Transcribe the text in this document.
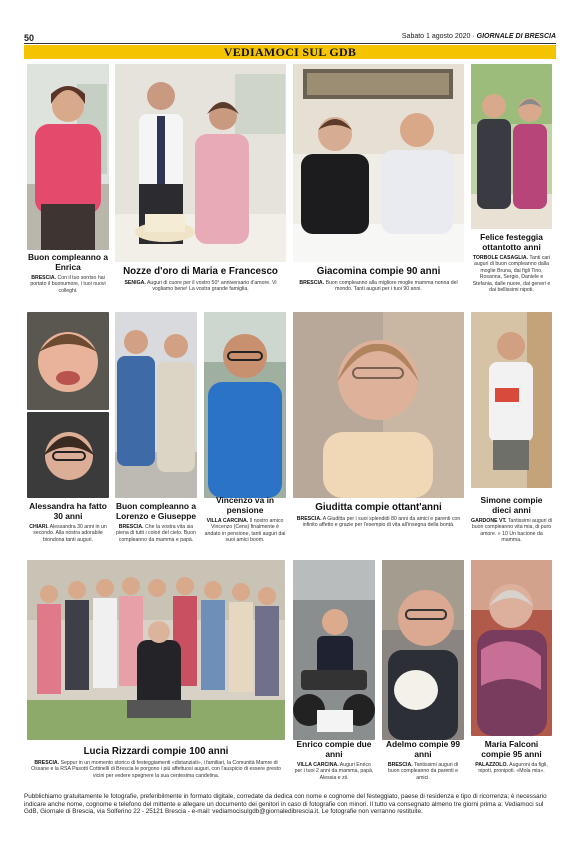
50	Sabato 1 agosto 2020 · GIORNALE DI BRESCIA
VEDIAMOCI SUL GDB
Buon compleanno a Enrica
BRESCIA. Con il tuo sorriso hai portato il buonumore, i tuoi nuovi colleghi.
Nozze d'oro di Maria e Francesco
SENIGA. Auguri di cuore per il vostro 50° anniversario d'amore. Vi vogliamo bene! La vostra grande famiglia.
Giacomina compie 90 anni
BRESCIA. Buon compleanno alla migliore moglie mamma nonna del mondo. Tanti auguri per i tuoi 90 anni.
Felice festeggia ottantotto anni
TORBOLE CASAGLIA. Tanti cari auguri di buon compleanno dalla moglie Bruna, dai figli Tino, Rosanna, Sergio, Daniele e Stefania, dalle nuore, dai generi e dai bellissimi nipoti.
Alessandra ha fatto 30 anni
CHIARI. Alessandra 30 anni in un secondo. Alla nostra adorabile biondona tanti auguri.
Buon compleanno a Lorenzo e Giuseppe
BRESCIA. Che la vostra vita sia piena di tutti i colori del cielo. Buon compleanno da mamma e papà.
Vincenzo va in pensione
VILLA CARCINA. Il nostro amico Vincenzo (Cens) finalmente è andato in pensione, tanti auguri dai suoi amici boom.
Giuditta compie ottant'anni
BRESCIA. A Giuditta per i suoi splendidi 80 anni da amici e parenti con infinito affetto e grazie per l'esempio di vita all'insegna della bontà.
Simone compie dieci anni
GARDONE VT. Tantissimi auguri di buon compleanno vita mia, di puro amore. » 10 Un bacione da mamma.
Lucia Rizzardi compie 100 anni
BRESCIA. Seppur in un momento storico di festeggiamenti «distanziati», i familiari, la Comunità Mamre di Ossane e la RSA Pasotti Cottinelli di Brescia le porgono i più affettuosi auguri, con l'auspicio di essere presto vicini per vedere spegnere la sua centesima candelina.
Enrico compie due anni
VILLA CARCINA. Auguri Enrico per i tuoi 2 anni da mamma, papà, Alessia e zii.
Adelmo compie 99 anni
BRESCIA. Tantissimi auguri di buon compleanno da parenti e amici.
Maria Falconi compie 95 anni
PALAZZOLO. Auguroni da figli, nipoti, pronipoti. «Mola mia».
Pubblichiamo gratuitamente le fotografie, preferibilmente in formato digitale, corredate da dedica con nome e cognome del festeggiato, paese di residenza e tipo di ricorrenza; è necessario indicare anche nome, cognome e telefono del mittente e allegare un documento dei genitori in caso di fotografie con minori. Il tutto va consegnato almeno tre giorni prima a: Vediamoci sul GdB, Giornale di Brescia, via Solferino 22 - 25121 Brescia - e-mail: vediamocisulgdb@giornaledibrescia.it. Le fotografie non verranno restituite.
